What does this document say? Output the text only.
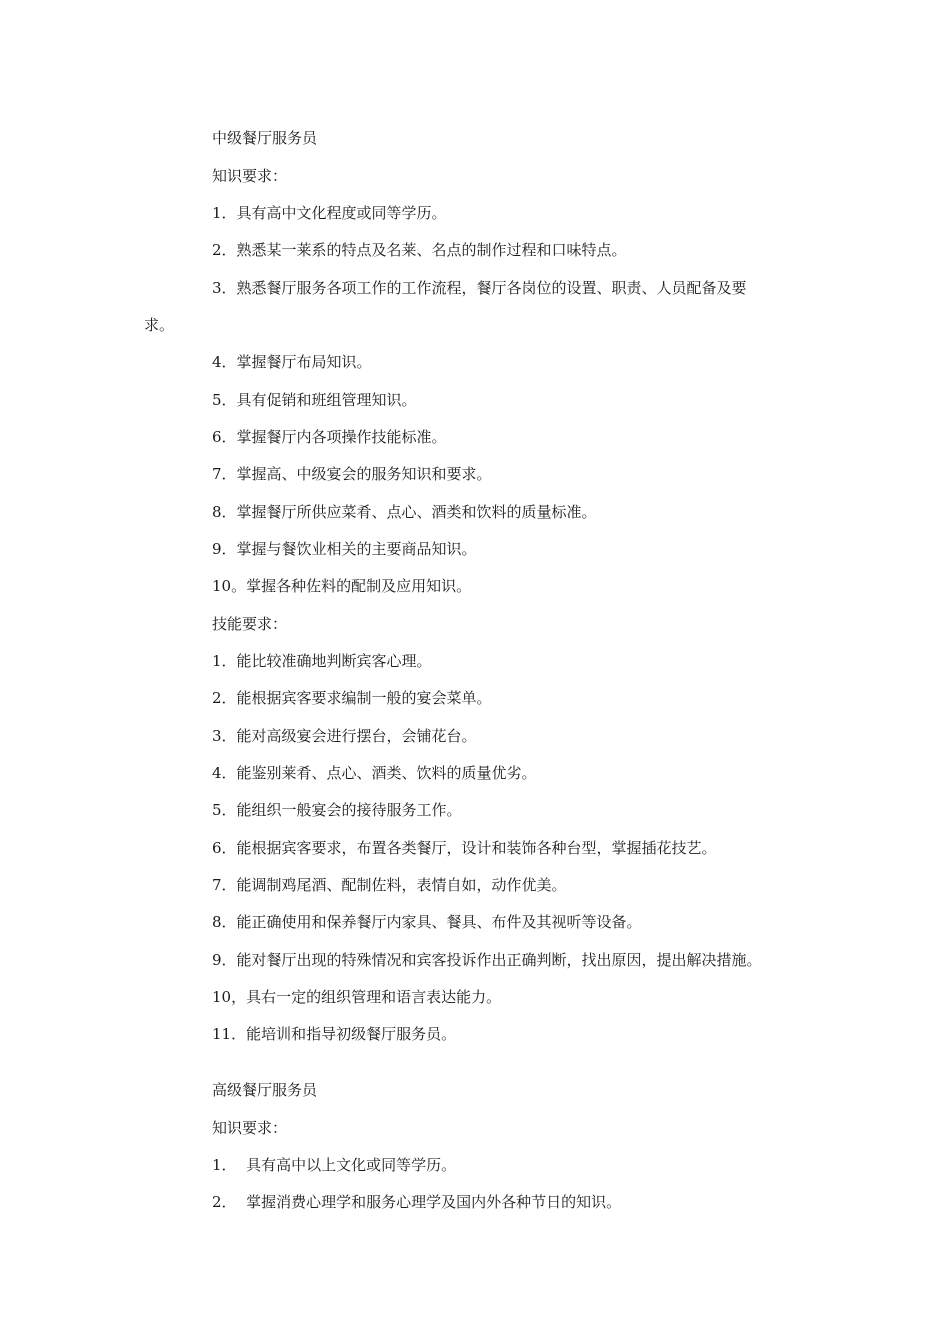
中级餐厅服务员
知识要求：
1．具有高中文化程度或同等学历。
2．熟悉某一莱系的特点及名莱、名点的制作过程和口味特点。
3．熟悉餐厅服务各项工作的工作流程，餐厅各岗位的设置、职责、人员配备及要
求。
4．掌握餐厅布局知识。
5．具有促销和班组管理知识。
6．掌握餐厅内各项操作技能标准。
7．掌握高、中级宴会的服务知识和要求。
8．掌握餐厅所供应菜肴、点心、酒类和饮料的质量标准。
9．掌握与餐饮业相关的主要商品知识。
10。掌握各种佐料的配制及应用知识。
技能要求：
1．能比较准确地判断宾客心理。
2．能根据宾客要求编制一般的宴会菜单。
3．能对高级宴会进行摆台，会铺花台。
4．能鉴别莱肴、点心、酒类、饮料的质量优劣。
5．能组织一般宴会的接待服务工作。
6．能根据宾客要求，布置各类餐厅，设计和装饰各种台型，掌握插花技艺。
7．能调制鸡尾酒、配制佐料，表情自如，动作优美。
8．能正确使用和保养餐厅内家具、餐具、布件及其视听等设备。
9．能对餐厅出现的特殊情况和宾客投诉作出正确判断，找出原因，提出解决措施。
10，具右一定的组织管理和语言表达能力。
11．能培训和指导初级餐厅服务员。
高级餐厅服务员
知识要求：
1．  具有高中以上文化或同等学历。
2．  掌握消费心理学和服务心理学及国内外各种节日的知识。
